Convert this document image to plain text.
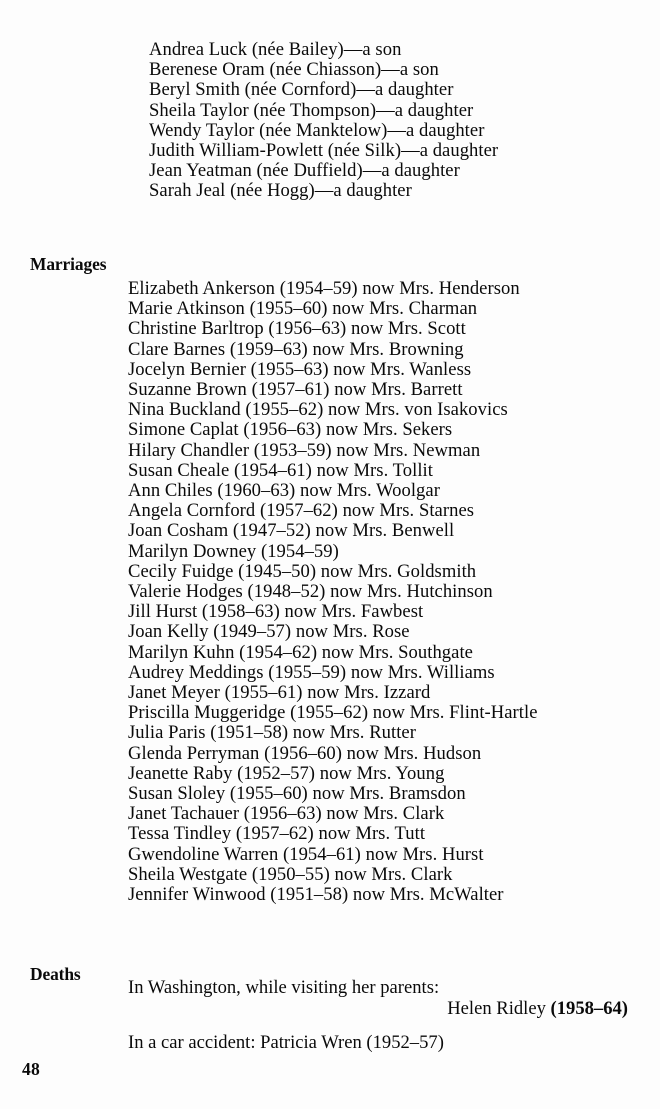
Andrea Luck (née Bailey)—a son
Berenese Oram (née Chiasson)—a son
Beryl Smith (née Cornford)—a daughter
Sheila Taylor (née Thompson)—a daughter
Wendy Taylor (née Manktelow)—a daughter
Judith William-Powlett (née Silk)—a daughter
Jean Yeatman (née Duffield)—a daughter
Sarah Jeal (née Hogg)—a daughter
Marriages
Elizabeth Ankerson (1954–59) now Mrs. Henderson
Marie Atkinson (1955–60) now Mrs. Charman
Christine Barltrop (1956–63) now Mrs. Scott
Clare Barnes (1959–63) now Mrs. Browning
Jocelyn Bernier (1955–63) now Mrs. Wanless
Suzanne Brown (1957–61) now Mrs. Barrett
Nina Buckland (1955–62) now Mrs. von Isakovics
Simone Caplat (1956–63) now Mrs. Sekers
Hilary Chandler (1953–59) now Mrs. Newman
Susan Cheale (1954–61) now Mrs. Tollit
Ann Chiles (1960–63) now Mrs. Woolgar
Angela Cornford (1957–62) now Mrs. Starnes
Joan Cosham (1947–52) now Mrs. Benwell
Marilyn Downey (1954–59)
Cecily Fuidge (1945–50) now Mrs. Goldsmith
Valerie Hodges (1948–52) now Mrs. Hutchinson
Jill Hurst (1958–63) now Mrs. Fawbest
Joan Kelly (1949–57) now Mrs. Rose
Marilyn Kuhn (1954–62) now Mrs. Southgate
Audrey Meddings (1955–59) now Mrs. Williams
Janet Meyer (1955–61) now Mrs. Izzard
Priscilla Muggeridge (1955–62) now Mrs. Flint-Hartle
Julia Paris (1951–58) now Mrs. Rutter
Glenda Perryman (1956–60) now Mrs. Hudson
Jeanette Raby (1952–57) now Mrs. Young
Susan Sloley (1955–60) now Mrs. Bramsdon
Janet Tachauer (1956–63) now Mrs. Clark
Tessa Tindley (1957–62) now Mrs. Tutt
Gwendoline Warren (1954–61) now Mrs. Hurst
Sheila Westgate (1950–55) now Mrs. Clark
Jennifer Winwood (1951–58) now Mrs. McWalter
Deaths
In Washington, while visiting her parents:
Helen Ridley (1958–64)
In a car accident: Patricia Wren (1952–57)
48
